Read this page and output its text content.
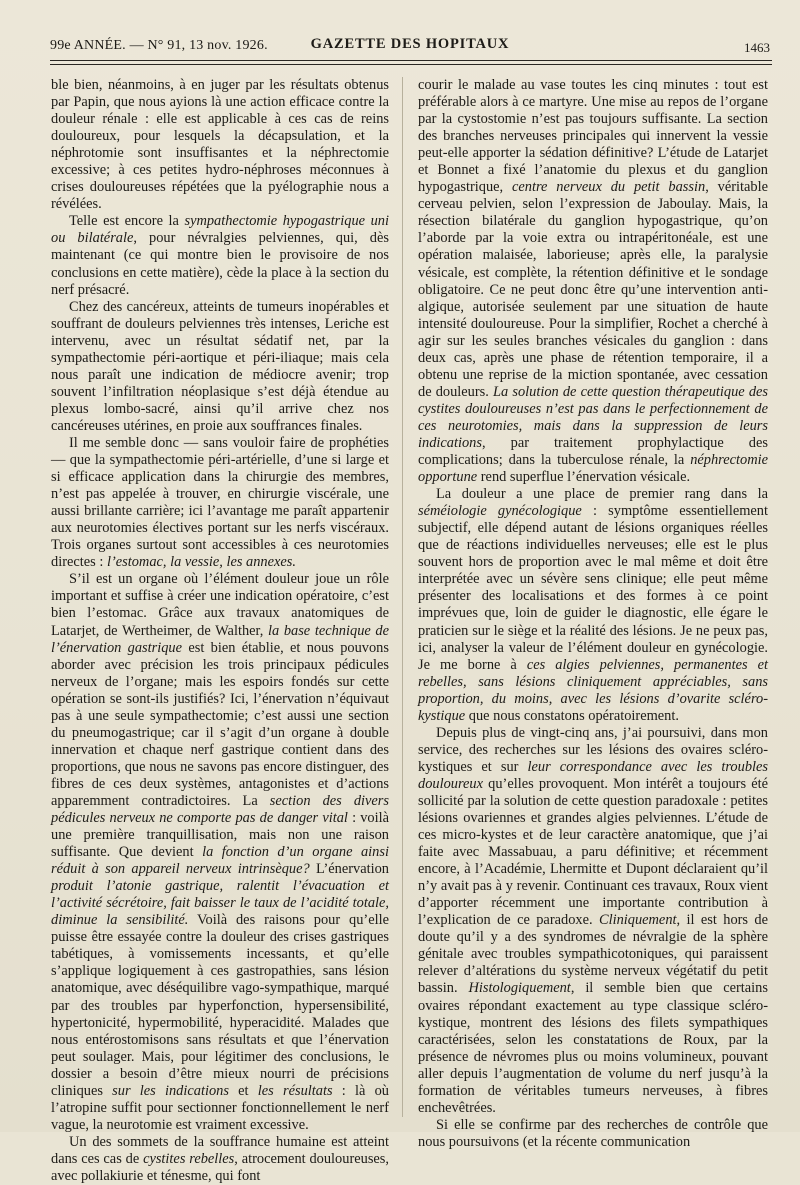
99e ANNÉE. — N° 91, 13 nov. 1926.	GAZETTE DES HOPITAUX	1463

ble bien, néanmoins, à en juger par les résultats obtenus par Papin, que nous ayions là une action efficace contre la douleur rénale : elle est applicable à ces cas de reins douloureux, pour lesquels la décapsulation, et la néphrotomie sont insuffisantes et la néphrectomie excessive; à ces petites hydro-néphroses méconnues à crises douloureuses répétées que la pyélographie nous a révélées.

Telle est encore la sympathectomie hypogastrique uni ou bilatérale, pour névralgies pelviennes, qui, dès maintenant (ce qui montre bien le provisoire de nos conclusions en cette matière), cède la place à la section du nerf présacré.

Chez des cancéreux, atteints de tumeurs inopérables et souffrant de douleurs pelviennes très intenses, Leriche est intervenu, avec un résultat sédatif net, par la sympathectomie péri-aortique et péri-iliaque; mais cela nous paraît une indication de médiocre avenir; trop souvent l’infiltration néoplasique s’est déjà étendue au plexus lombo-sacré, ainsi qu’il arrive chez nos cancéreuses utérines, en proie aux souffrances finales.

Il me semble donc — sans vouloir faire de prophéties — que la sympathectomie péri-artérielle, d’une si large et si efficace application dans la chirurgie des membres, n’est pas appelée à trouver, en chirurgie viscérale, une aussi brillante carrière; ici l’avantage me paraît appartenir aux neurotomies électives portant sur les nerfs viscéraux. Trois organes surtout sont accessibles à ces neurotomies directes : l’estomac, la vessie, les annexes.

S’il est un organe où l’élément douleur joue un rôle important et suffise à créer une indication opératoire, c’est bien l’estomac. Grâce aux travaux anatomiques de Latarjet, de Wertheimer, de Walther, la base technique de l’énervation gastrique est bien établie, et nous pouvons aborder avec précision les trois principaux pédicules nerveux de l’organe; mais les espoirs fondés sur cette opération se sont-ils justifiés? Ici, l’énervation n’équivaut pas à une seule sympathectomie; c’est aussi une section du pneumogastrique; car il s’agit d’un organe à double innervation et chaque nerf gastrique contient dans des proportions, que nous ne savons pas encore distinguer, des fibres de ces deux systèmes, antagonistes et d’actions apparemment contradictoires. La section des divers pédicules nerveux ne comporte pas de danger vital : voilà une première tranquillisation, mais non une raison suffisante. Que devient la fonction d’un organe ainsi réduit à son appareil nerveux intrinsèque? L’énervation produit l’atonie gastrique, ralentit l’évacuation et l’activité sécrétoire, fait baisser le taux de l’acidité totale, diminue la sensibilité. Voilà des raisons pour qu’elle puisse être essayée contre la douleur des crises gastriques tabétiques, à vomissements incessants, et qu’elle s’applique logiquement à ces gastropathies, sans lésion anatomique, avec déséquilibre vago-sympathique, marqué par des troubles par hyperfonction, hypersensibilité, hypertonicité, hypermobilité, hyperacidité. Malades que nous entérostomisons sans résultats et que l’énervation peut soulager. Mais, pour légitimer des conclusions, le dossier a besoin d’être mieux nourri de précisions cliniques sur les indications et les résultats : là où l’atropine suffit pour sectionner fonctionnellement le nerf vague, la neurotomie est vraiment excessive.

Un des sommets de la souffrance humaine est atteint dans ces cas de cystites rebelles, atrocement douloureuses, avec pollakiurie et ténesme, qui font

courir le malade au vase toutes les cinq minutes : tout est préférable alors à ce martyre. Une mise au repos de l’organe par la cystostomie n’est pas toujours suffisante. La section des branches nerveuses principales qui innervent la vessie peut-elle apporter la sédation définitive? L’étude de Latarjet et Bonnet a fixé l’anatomie du plexus et du ganglion hypogastrique, centre nerveux du petit bassin, véritable cerveau pelvien, selon l’expression de Jaboulay. Mais, la résection bilatérale du ganglion hypogastrique, qu’on l’aborde par la voie extra ou intrapéritonéale, est une opération malaisée, laborieuse; après elle, la paralysie vésicale, est complète, la rétention définitive et le sondage obligatoire. Ce ne peut donc être qu’une intervention anti-algique, autorisée seulement par une situation de haute intensité douloureuse. Pour la simplifier, Rochet a cherché à agir sur les seules branches vésicales du ganglion : dans deux cas, après une phase de rétention temporaire, il a obtenu une reprise de la miction spontanée, avec cessation de douleurs. La solution de cette question thérapeutique des cystites douloureuses n’est pas dans le perfectionnement de ces neurotomies, mais dans la suppression de leurs indications, par traitement prophylactique des complications; dans la tuberculose rénale, la néphrectomie opportune rend superflue l’énervation vésicale.

La douleur a une place de premier rang dans la séméiologie gynécologique : symptôme essentiellement subjectif, elle dépend autant de lésions organiques réelles que de réactions individuelles nerveuses; elle est le plus souvent hors de proportion avec le mal même et doit être interprétée avec un sévère sens clinique; elle peut même présenter des localisations et des formes à ce point imprévues que, loin de guider le diagnostic, elle égare le praticien sur le siège et la réalité des lésions. Je ne peux pas, ici, analyser la valeur de l’élément douleur en gynécologie. Je me borne à ces algies pelviennes, permanentes et rebelles, sans lésions cliniquement appréciables, sans proportion, du moins, avec les lésions d’ovarite scléro-kystique que nous constatons opératoirement.

Depuis plus de vingt-cinq ans, j’ai poursuivi, dans mon service, des recherches sur les lésions des ovaires scléro-kystiques et sur leur correspondance avec les troubles douloureux qu’elles provoquent. Mon intérêt a toujours été sollicité par la solution de cette question paradoxale : petites lésions ovariennes et grandes algies pelviennes. L’étude de ces micro-kystes et de leur caractère anatomique, que j’ai faite avec Massabuau, a paru définitive; et récemment encore, à l’Académie, Lhermitte et Dupont déclaraient qu’il n’y avait pas à y revenir. Continuant ces travaux, Roux vient d’apporter récemment une importante contribution à l’explication de ce paradoxe. Cliniquement, il est hors de doute qu’il y a des syndromes de névralgie de la sphère génitale avec troubles sympathicotoniques, qui paraissent relever d’altérations du système nerveux végétatif du petit bassin. Histologiquement, il semble bien que certains ovaires répondant exactement au type classique scléro-kystique, montrent des lésions des filets sympathiques caractérisées, selon les constatations de Roux, par la présence de névromes plus ou moins volumineux, pouvant aller depuis l’augmentation de volume du nerf jusqu’à la formation de véritables tumeurs nerveuses, à fibres enchevêtrées.

Si elle se confirme par des recherches de contrôle que nous poursuivons (et la récente communication
